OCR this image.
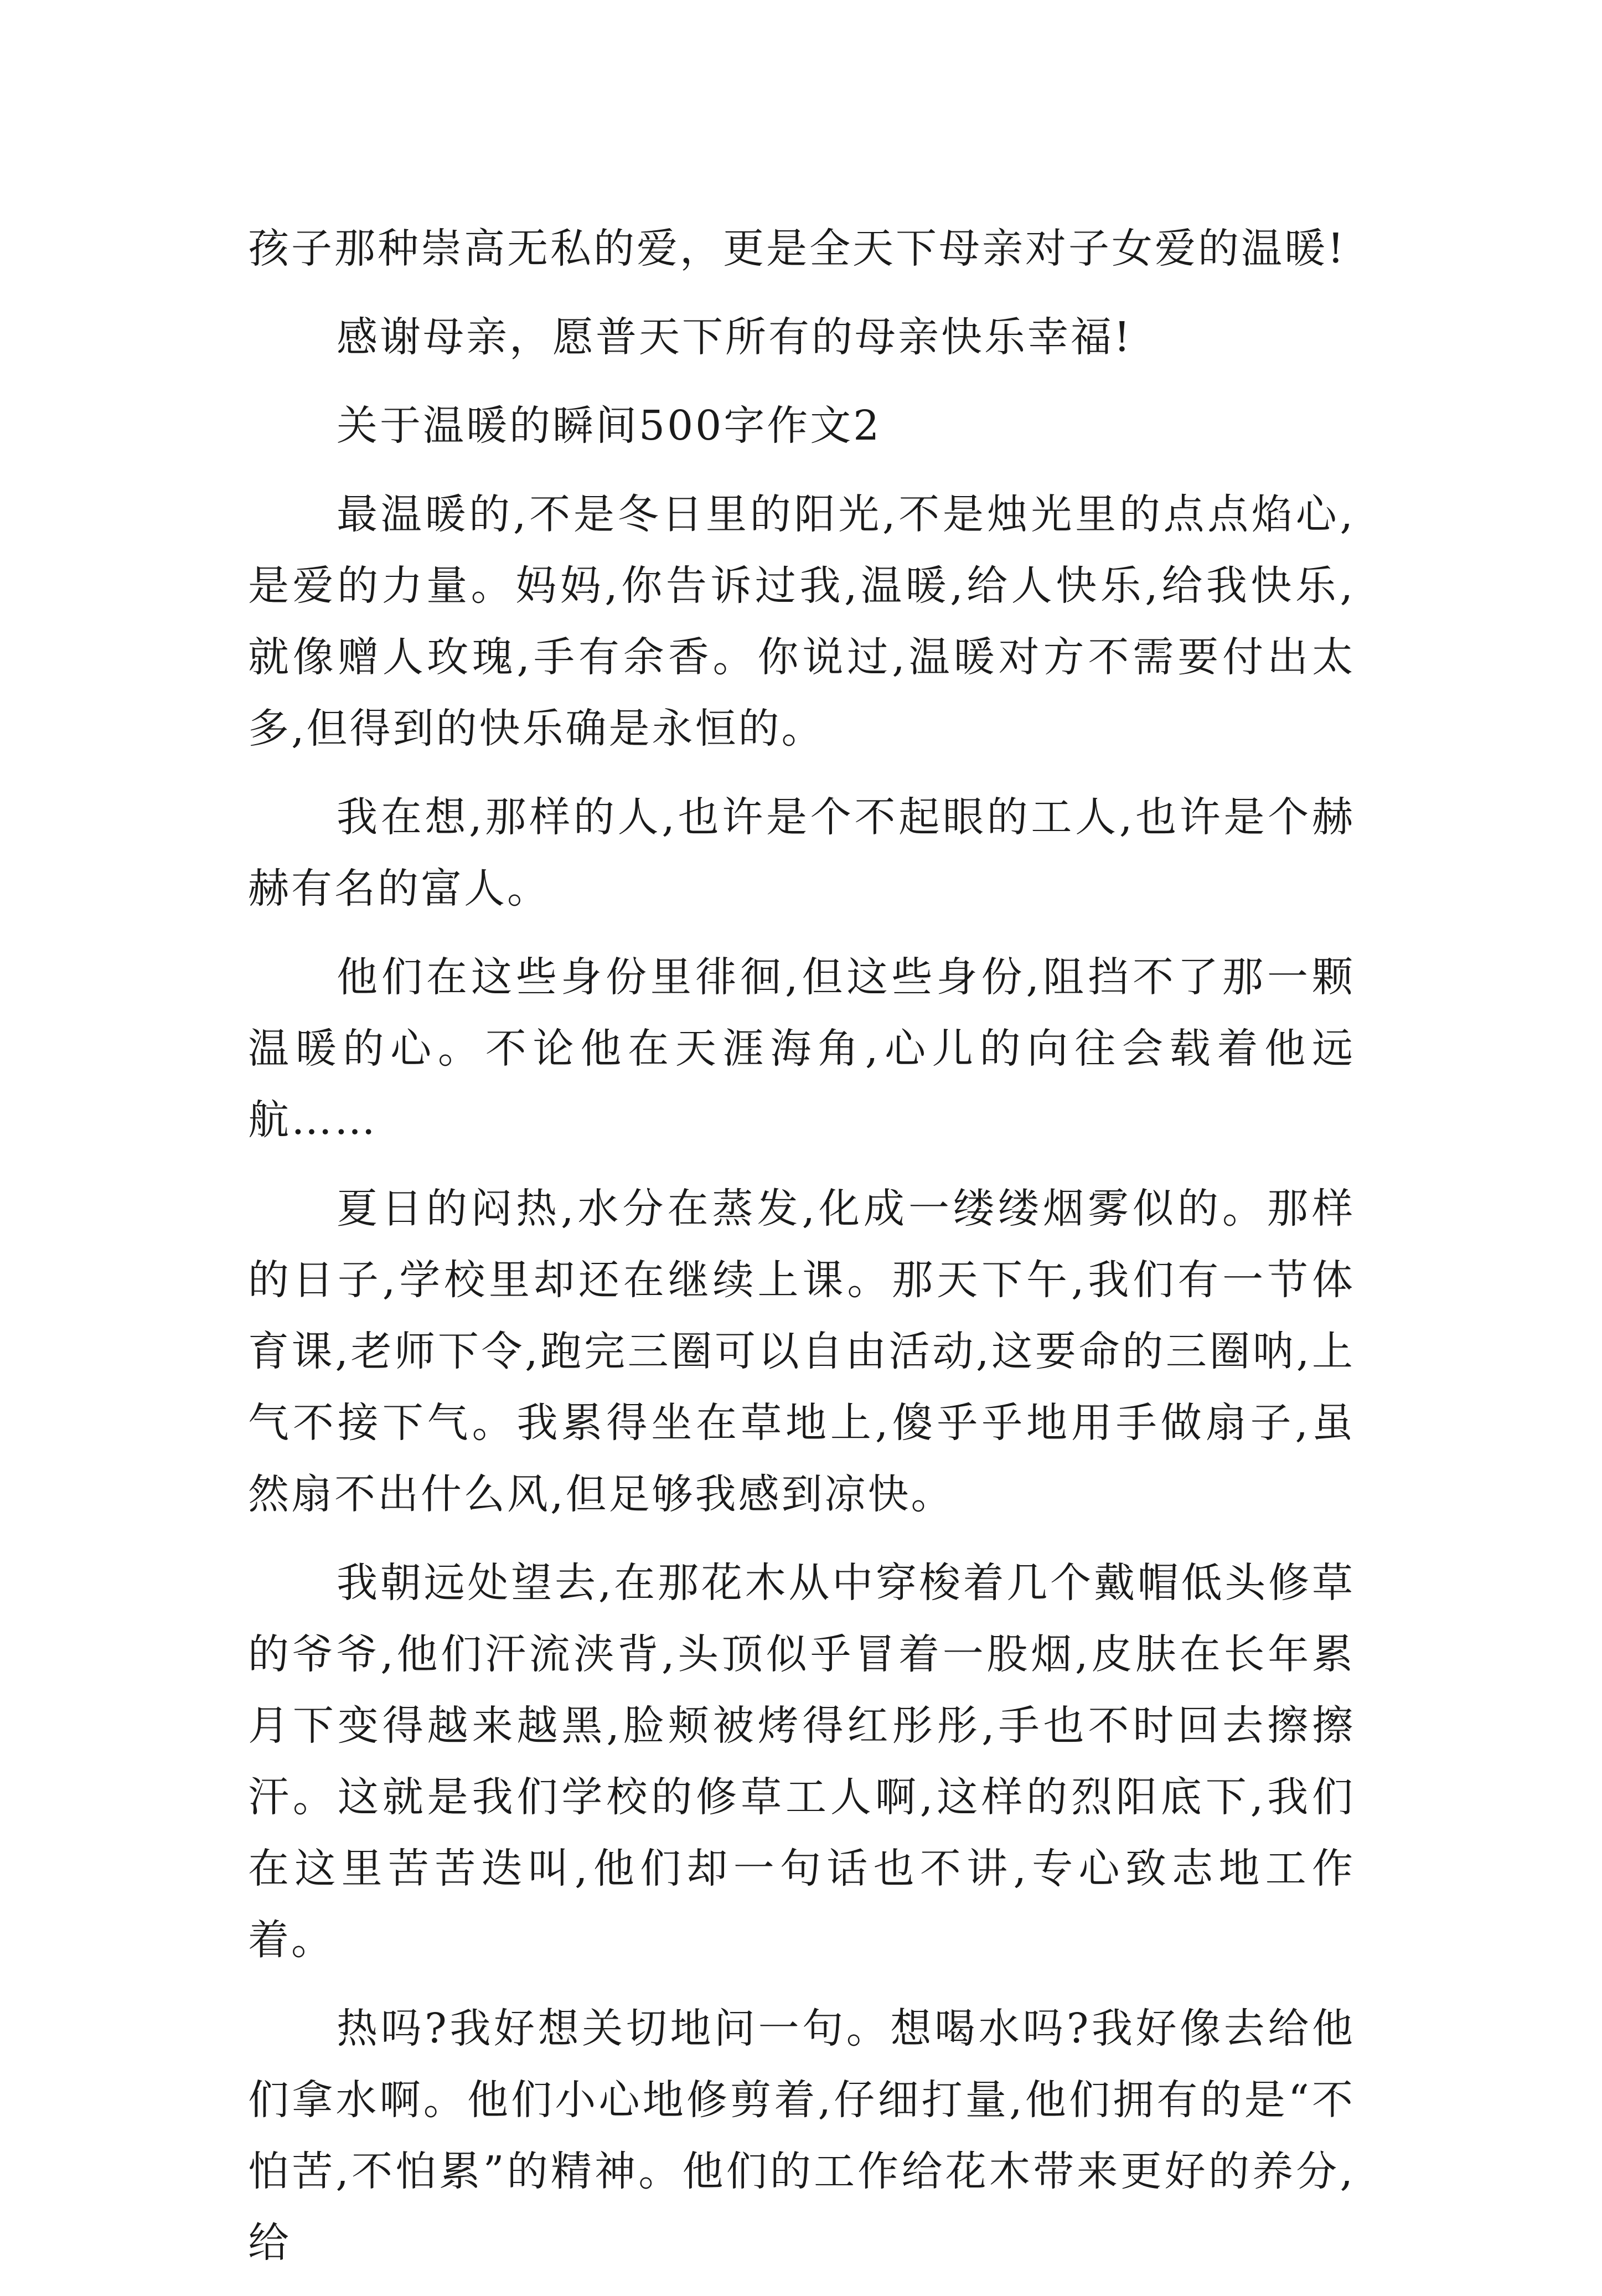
孩子那种崇高无私的爱，更是全天下母亲对子女爱的温暖!

感谢母亲，愿普天下所有的母亲快乐幸福!

关于温暖的瞬间500字作文2

最温暖的,不是冬日里的阳光,不是烛光里的点点焰心,是爱的力量。妈妈,你告诉过我,温暖,给人快乐,给我快乐,就像赠人玫瑰,手有余香。你说过,温暖对方不需要付出太多,但得到的快乐确是永恒的。

我在想,那样的人,也许是个不起眼的工人,也许是个赫赫有名的富人。

他们在这些身份里徘徊,但这些身份,阻挡不了那一颗温暖的心。不论他在天涯海角,心儿的向往会载着他远航……

夏日的闷热,水分在蒸发,化成一缕缕烟雾似的。那样的日子,学校里却还在继续上课。那天下午,我们有一节体育课,老师下令,跑完三圈可以自由活动,这要命的三圈呐,上气不接下气。我累得坐在草地上,傻乎乎地用手做扇子,虽然扇不出什么风,但足够我感到凉快。

我朝远处望去,在那花木从中穿梭着几个戴帽低头修草的爷爷,他们汗流浃背,头顶似乎冒着一股烟,皮肤在长年累月下变得越来越黑,脸颊被烤得红彤彤,手也不时回去擦擦汗。这就是我们学校的修草工人啊,这样的烈阳底下,我们在这里苦苦迭叫,他们却一句话也不讲,专心致志地工作着。

热吗?我好想关切地问一句。想喝水吗?我好像去给他们拿水啊。他们小心地修剪着,仔细打量,他们拥有的是“不怕苦,不怕累”的精神。他们的工作给花木带来更好的养分,给
